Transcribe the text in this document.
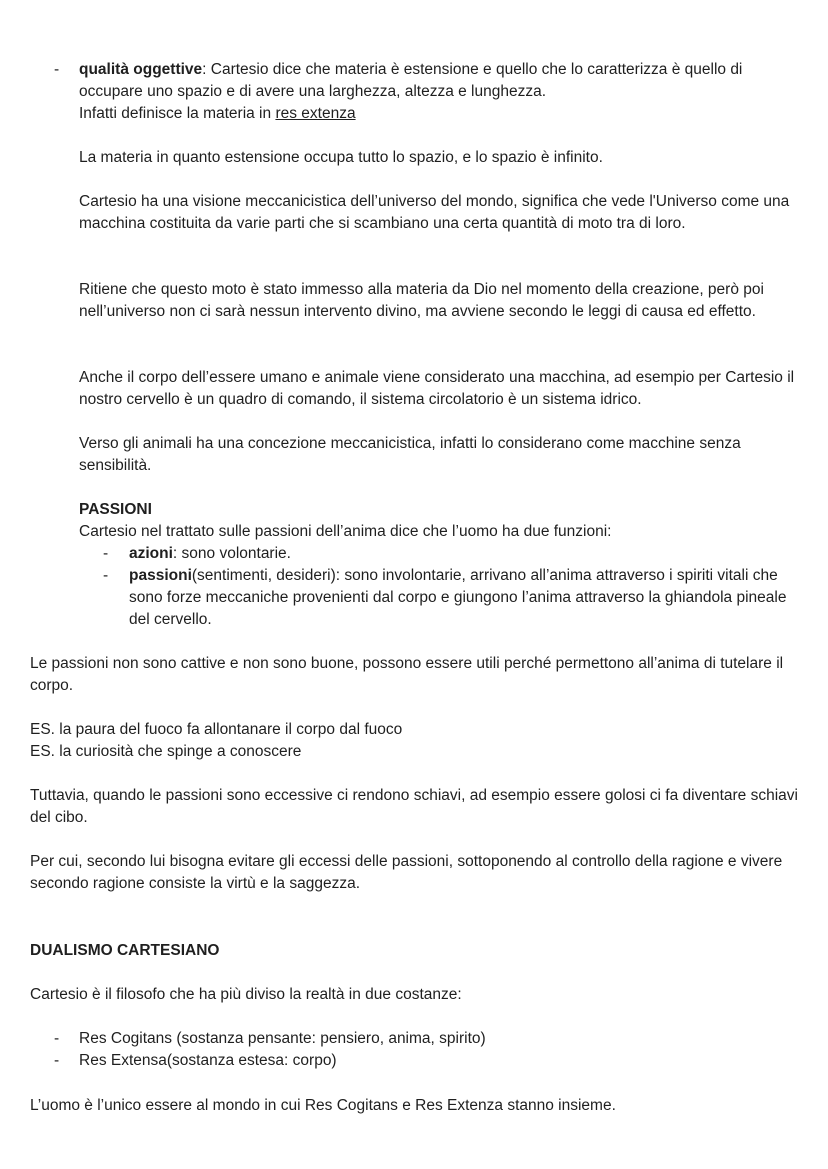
- qualità oggettive: Cartesio dice che materia è estensione e quello che lo caratterizza è quello di occupare uno spazio e di avere una larghezza, altezza e lunghezza.
Infatti definisce la materia in res extenza

La materia in quanto estensione occupa tutto lo spazio, e lo spazio è infinito.

Cartesio ha una visione meccanicistica dell’universo del mondo, significa che vede l'Universo come una macchina costituita da varie parti che si scambiano una certa quantità di moto tra di loro.

Ritiene che questo moto è stato immesso alla materia da Dio nel momento della creazione, però poi nell’universo non ci sarà nessun intervento divino, ma avviene secondo le leggi di causa ed effetto.

Anche il corpo dell’essere umano e animale viene considerato una macchina, ad esempio per Cartesio il nostro cervello è un quadro di comando, il sistema circolatorio è un sistema idrico.

Verso gli animali ha una concezione meccanicistica, infatti lo considerano come macchine senza sensibilità.

PASSIONI

Cartesio nel trattato sulle passioni dell’anima dice che l’uomo ha due funzioni:

- azioni: sono volontarie.

- passioni(sentimenti, desideri): sono involontarie, arrivano all’anima attraverso i spiriti vitali che sono forze meccaniche provenienti dal corpo e giungono l’anima attraverso la ghiandola pineale del cervello.

Le passioni non sono cattive e non sono buone, possono essere utili perché permettono all’anima di tutelare il corpo.

ES. la paura del fuoco fa allontanare il corpo dal fuoco

ES. la curiosità che spinge a conoscere

Tuttavia, quando le passioni sono eccessive ci rendono schiavi, ad esempio essere golosi ci fa diventare schiavi del cibo.

Per cui, secondo lui bisogna evitare gli eccessi delle passioni, sottoponendo al controllo della ragione e vivere secondo ragione consiste la virtù e la saggezza.

DUALISMO CARTESIANO

Cartesio è il filosofo che ha più diviso la realtà in due costanze:

- Res Cogitans (sostanza pensante: pensiero, anima, spirito)

- Res Extensa(sostanza estesa: corpo)

L’uomo è l’unico essere al mondo in cui Res Cogitans e Res Extenza stanno insieme.
